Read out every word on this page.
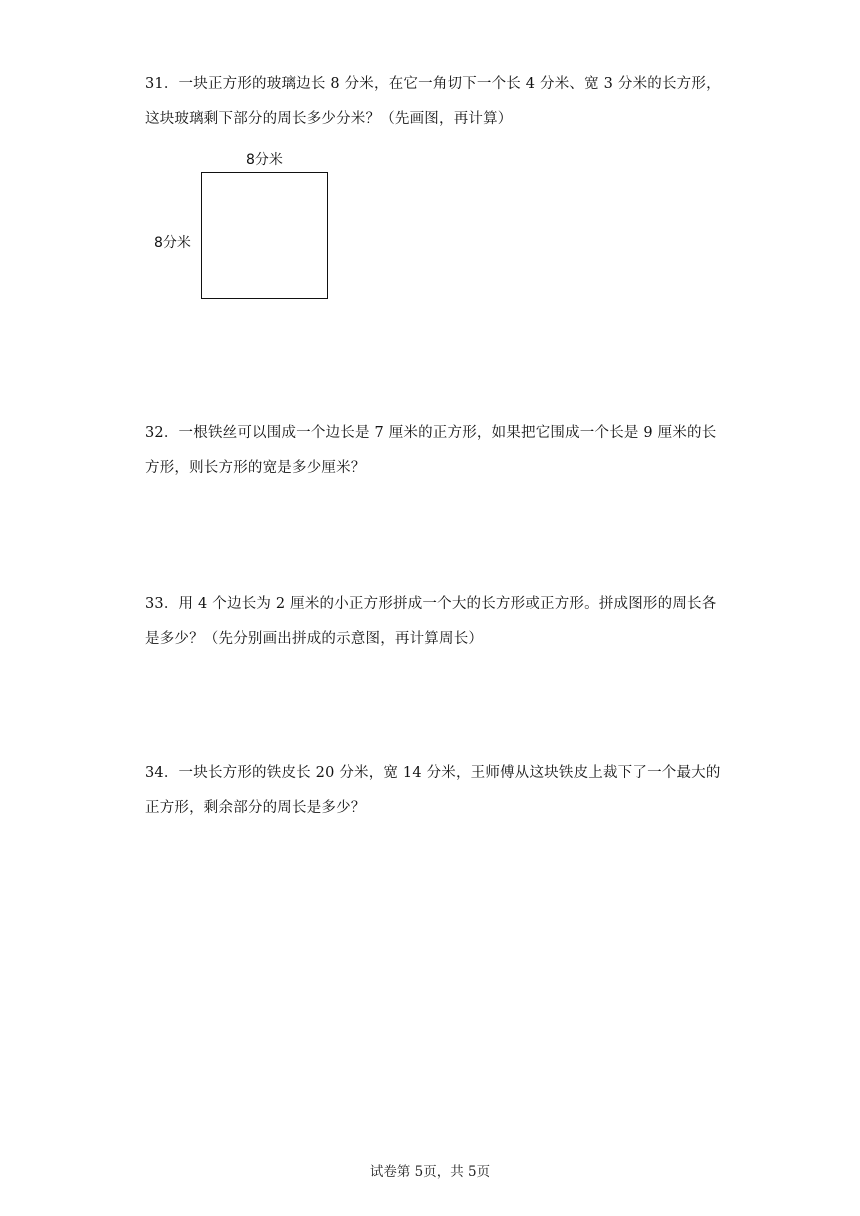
31．一块正方形的玻璃边长 8 分米，在它一角切下一个长 4 分米、宽 3 分米的长方形，
这块玻璃剩下部分的周长多少分米？（先画图，再计算）
8分米
8分米
32．一根铁丝可以围成一个边长是 7 厘米的正方形，如果把它围成一个长是 9 厘米的长
方形，则长方形的宽是多少厘米？
33．用 4 个边长为 2 厘米的小正方形拼成一个大的长方形或正方形。拼成图形的周长各
是多少？（先分别画出拼成的示意图，再计算周长）
34．一块长方形的铁皮长 20 分米，宽 14 分米，王师傅从这块铁皮上裁下了一个最大的
正方形，剩余部分的周长是多少？
试卷第 5页，共 5页
